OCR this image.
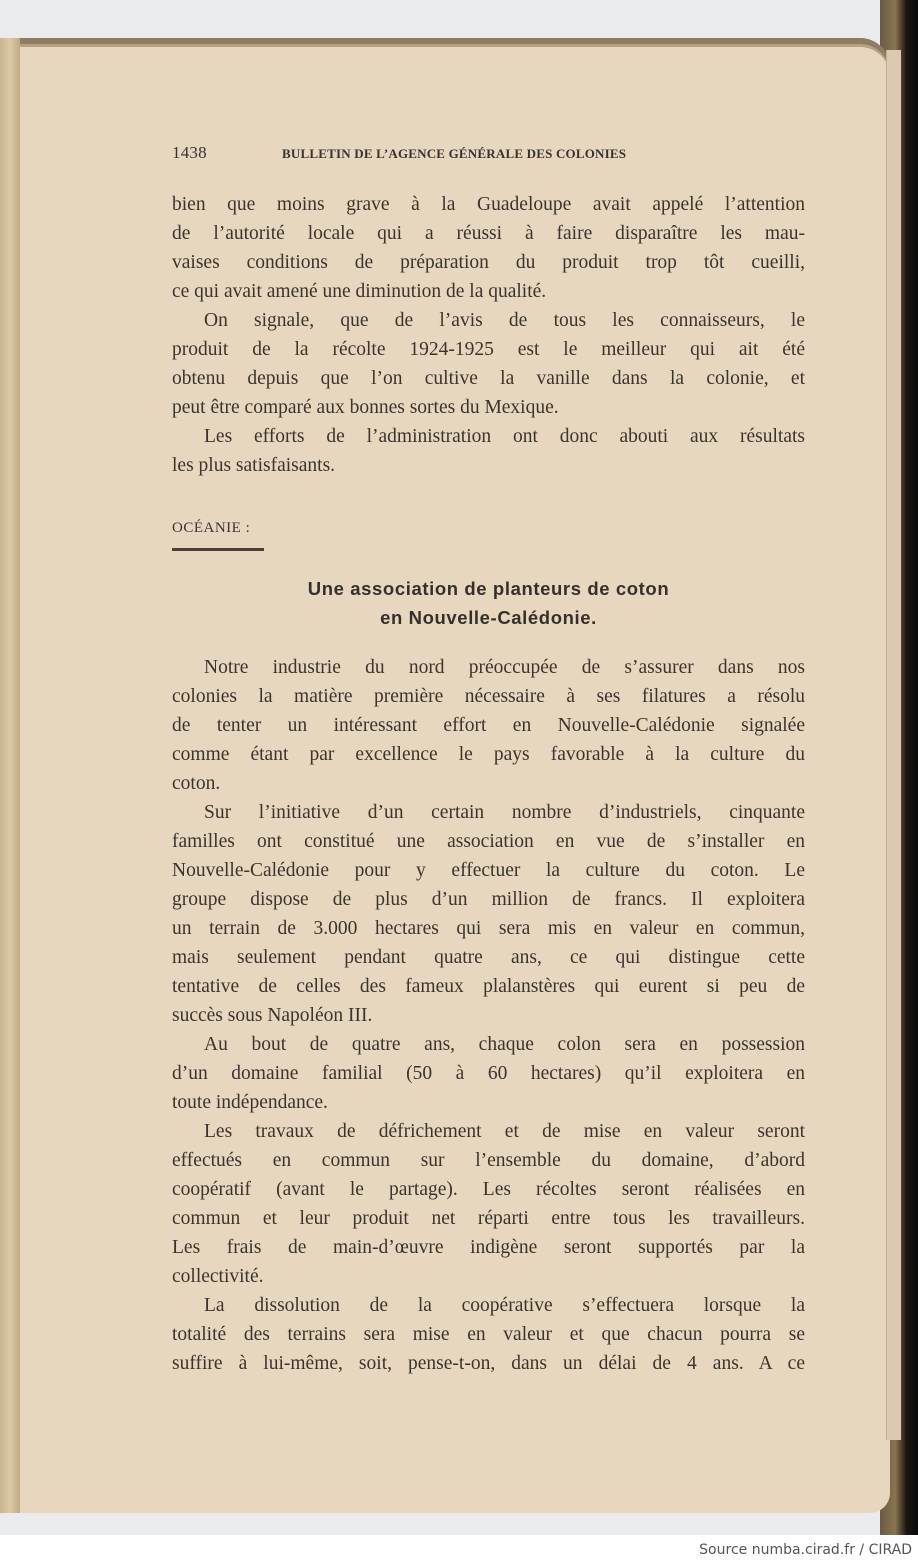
1438	BULLETIN DE L’AGENCE GÉNÉRALE DES COLONIES
bien que moins grave à la Guadeloupe avait appelé l’attention
de l’autorité locale qui a réussi à faire disparaître les mau-
vaises conditions de préparation du produit trop tôt cueilli,
ce qui avait amené une diminution de la qualité.
On signale, que de l’avis de tous les connaisseurs, le
produit de la récolte 1924-1925 est le meilleur qui ait été
obtenu depuis que l’on cultive la vanille dans la colonie, et
peut être comparé aux bonnes sortes du Mexique.
Les efforts de l’administration ont donc abouti aux résultats
les plus satisfaisants.
OCÉANIE :
Une association de planteurs de coton
en Nouvelle-Calédonie.
Notre industrie du nord préoccupée de s’assurer dans nos
colonies la matière première nécessaire à ses filatures a résolu
de tenter un intéressant effort en Nouvelle-Calédonie signalée
comme étant par excellence le pays favorable à la culture du
coton.
Sur l’initiative d’un certain nombre d’industriels, cinquante
familles ont constitué une association en vue de s’installer en
Nouvelle-Calédonie pour y effectuer la culture du coton. Le
groupe dispose de plus d’un million de francs. Il exploitera
un terrain de 3.000 hectares qui sera mis en valeur en commun,
mais seulement pendant quatre ans, ce qui distingue cette
tentative de celles des fameux plalanstères qui eurent si peu de
succès sous Napoléon III.
Au bout de quatre ans, chaque colon sera en possession
d’un domaine familial (50 à 60 hectares) qu’il exploitera en
toute indépendance.
Les travaux de défrichement et de mise en valeur seront
effectués en commun sur l’ensemble du domaine, d’abord
coopératif (avant le partage). Les récoltes seront réalisées en
commun et leur produit net réparti entre tous les travailleurs.
Les frais de main-d’œuvre indigène seront supportés par la
collectivité.
La dissolution de la coopérative s’effectuera lorsque la
totalité des terrains sera mise en valeur et que chacun pourra se
suffire à lui-même, soit, pense-t-on, dans un délai de 4 ans. A ce
Source numba.cirad.fr / CIRAD
